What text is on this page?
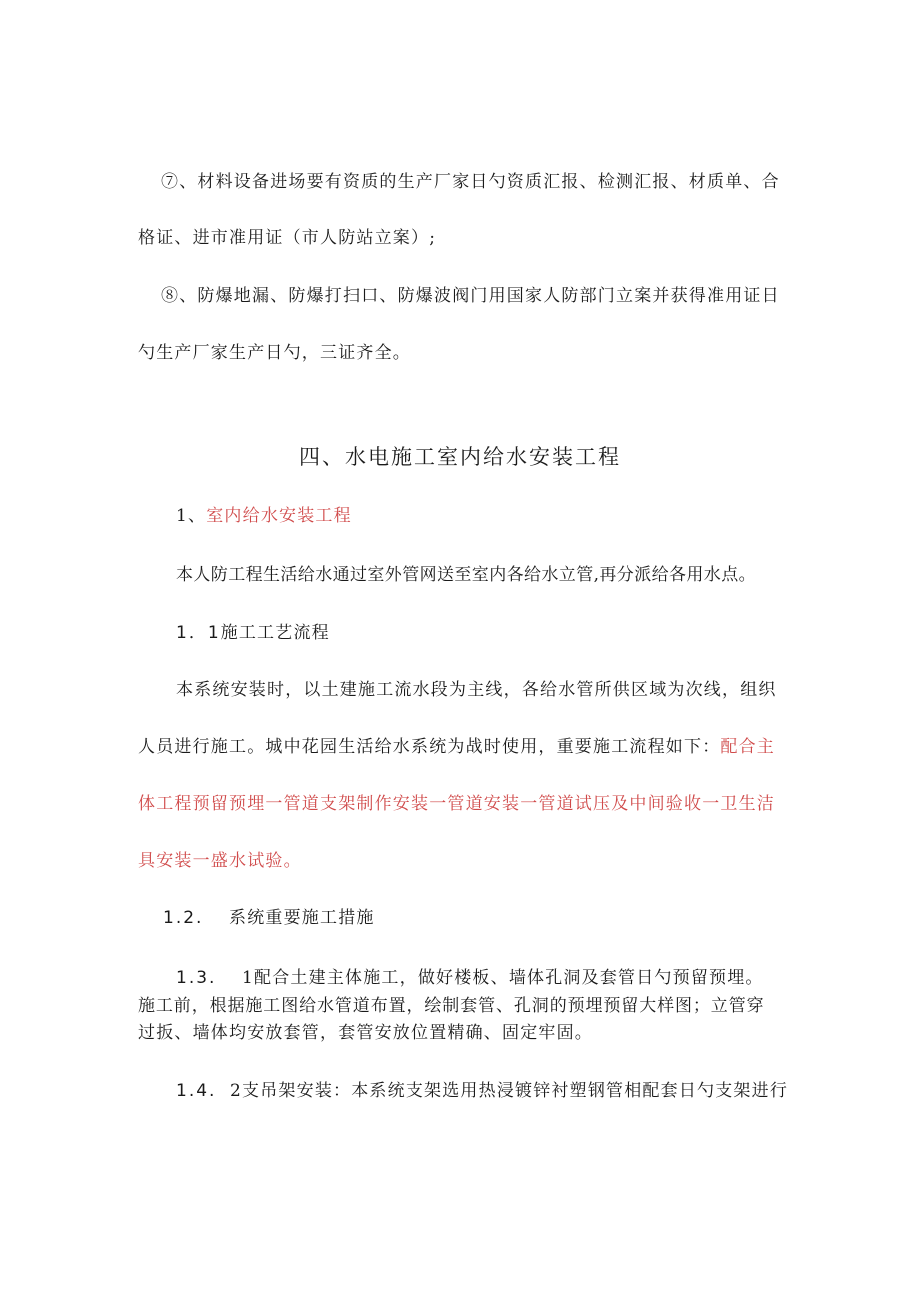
⑦、材料设备进场要有资质的生产厂家日勺资质汇报、检测汇报、材质单、合
格证、进市准用证（市人防站立案）;
⑧、防爆地漏、防爆打扫口、防爆波阀门用国家人防部门立案并获得准用证日
勺生产厂家生产日勺，三证齐全。
四、水电施工室内给水安装工程
1、室内给水安装工程
本人防工程生活给水通过室外管网送至室内各给水立管,再分派给各用水点。
1．1施工工艺流程
本系统安装时，以土建施工流水段为主线，各给水管所供区域为次线，组织
人员进行施工。城中花园生活给水系统为战时使用，重要施工流程如下：配合主
体工程预留预埋一管道支架制作安装一管道安装一管道试压及中间验收一卫生洁
具安装一盛水试验。
1.2. 系统重要施工措施
1.3. 1配合土建主体施工，做好楼板、墙体孔洞及套管日勺预留预埋。
施工前，根据施工图给水管道布置，绘制套管、孔洞的预埋预留大样图；立管穿
过扳、墙体均安放套管，套管安放位置精确、固定牢固。
1.4. 2支吊架安装：本系统支架选用热浸镀锌衬塑钢管相配套日勺支架进行
